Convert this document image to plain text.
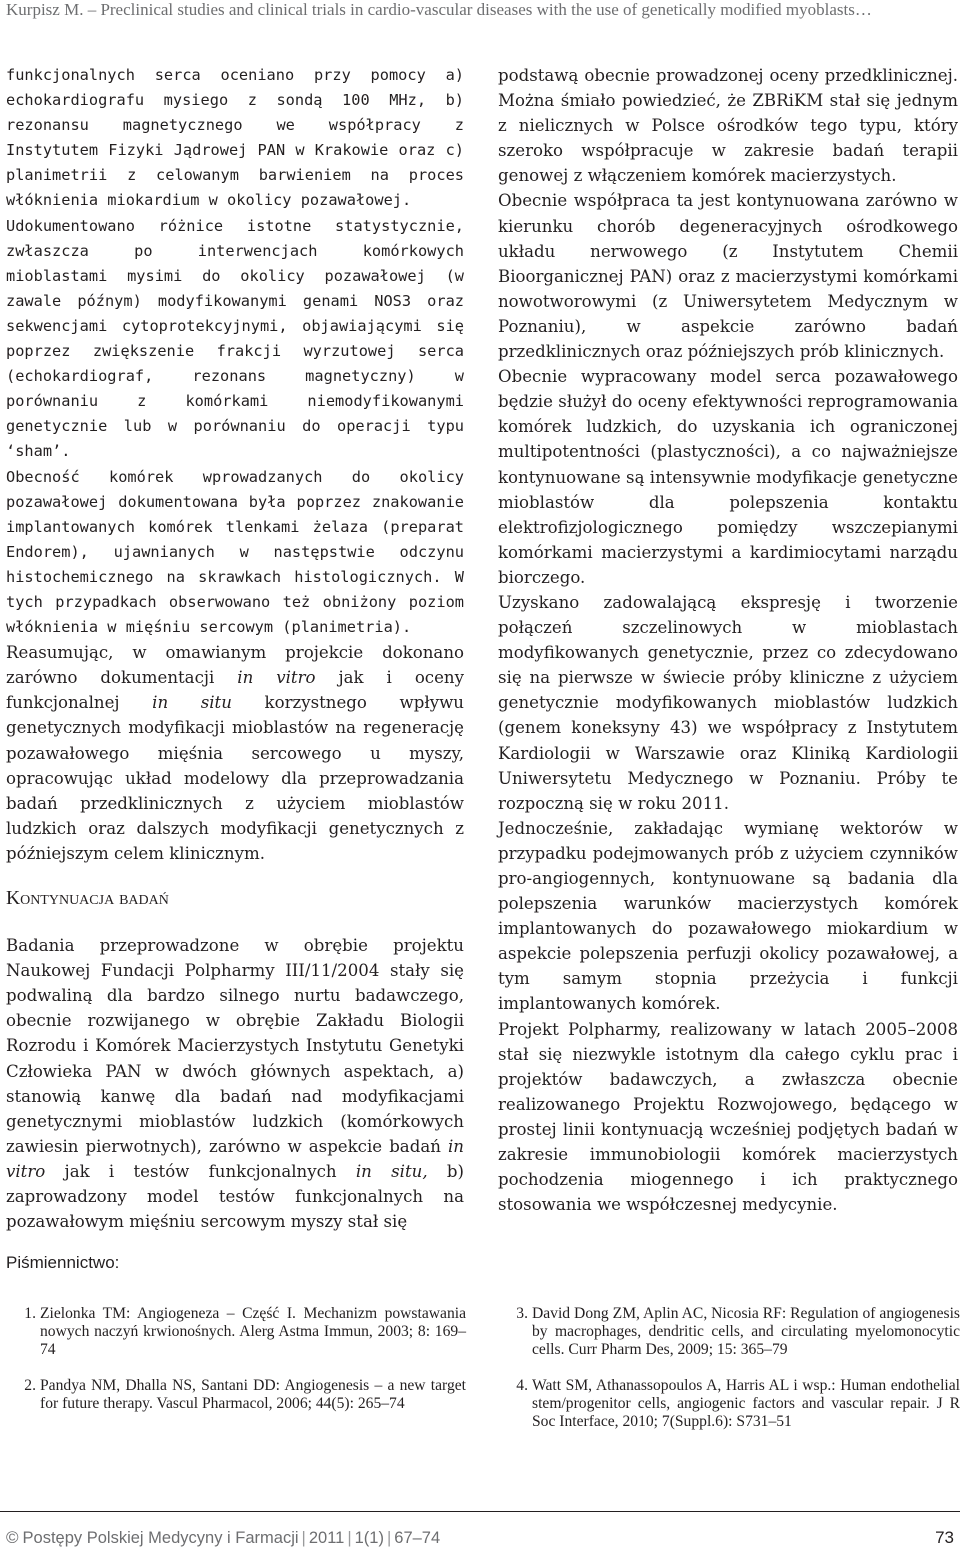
Kurpisz M. – Preclinical studies and clinical trials in cardio-vascular diseases with the use of genetically modified myoblasts…

funkcjonalnych serca oceniano przy pomocy a) echokardiografu mysiego z sondą 100 MHz, b) rezonansu magnetycznego we współpracy z Instytutem Fizyki Jądrowej PAN w Krakowie oraz c) planimetrii z celowanym barwieniem na proces włóknienia miokardium w okolicy pozawałowej.

Udokumentowano różnice istotne statystycznie, zwłaszcza po interwencjach komórkowych mioblastami mysimi do okolicy pozawałowej (w zawale późnym) modyfikowanymi genami NOS3 oraz sekwencjami cytoprotekcyjnymi, objawiającymi się poprzez zwiększenie frakcji wyrzutowej serca (echokardiograf, rezonans magnetyczny) w porównaniu z komórkami niemodyfikowanymi genetycznie lub w porównaniu do operacji typu ‘sham’.

Obecność komórek wprowadzanych do okolicy pozawałowej dokumentowana była poprzez znakowanie implantowanych komórek tlenkami żelaza (preparat Endorem), ujawnianych w następstwie odczynu histochemicznego na skrawkach histologicznych. W tych przypadkach obserwowano też obniżony poziom włóknienia w mięśniu sercowym (planimetria).

Reasumując, w omawianym projekcie dokonano zarówno dokumentacji in vitro jak i oceny funkcjonalnej in situ korzystnego wpływu genetycznych modyfikacji mioblastów na regenerację pozawałowego mięśnia sercowego u myszy, opracowując układ modelowy dla przeprowadzania badań przedklinicznych z użyciem mioblastów ludzkich oraz dalszych modyfikacji genetycznych z późniejszym celem klinicznym.

Kontynuacja badań

Badania przeprowadzone w obrębie projektu Naukowej Fundacji Polpharmy III/11/2004 stały się podwaliną dla bardzo silnego nurtu badawczego, obecnie rozwijanego w obrębie Zakładu Biologii Rozrodu i Komórek Macierzystych Instytutu Genetyki Człowieka PAN w dwóch głównych aspektach, a) stanowią kanwę dla badań nad modyfikacjami genetycznymi mioblastów ludzkich (komórkowych zawiesin pierwotnych), zarówno w aspekcie badań in vitro jak i testów funkcjonalnych in situ, b) zaprowadzony model testów funkcjonalnych na pozawałowym mięśniu sercowym myszy stał się

podstawą obecnie prowadzonej oceny przedklinicznej. Można śmiało powiedzieć, że ZBRiKM stał się jednym z nielicznych w Polsce ośrodków tego typu, który szeroko współpracuje w zakresie badań terapii genowej z włączeniem komórek macierzystych.

Obecnie współpraca ta jest kontynuowana zarówno w kierunku chorób degeneracyjnych ośrodkowego układu nerwowego (z Instytutem Chemii Bioorganicznej PAN) oraz z macierzystymi komórkami nowotworowymi (z Uniwersytetem Medycznym w Poznaniu), w aspekcie zarówno badań przedklinicznych oraz późniejszych prób klinicznych.

Obecnie wypracowany model serca pozawałowego będzie służył do oceny efektywności reprogramowania komórek ludzkich, do uzyskania ich ograniczonej multipotentności (plastyczności), a co najważniejsze kontynuowane są intensywnie modyfikacje genetyczne mioblastów dla polepszenia kontaktu elektrofizjologicznego pomiędzy wszczepianymi komórkami macierzystymi a kardimiocytami narządu biorczego.

Uzyskano zadowalającą ekspresję i tworzenie połączeń szczelinowych w mioblastach modyfikowanych genetycznie, przez co zdecydowano się na pierwsze w świecie próby kliniczne z użyciem genetycznie modyfikowanych mioblastów ludzkich (genem koneksyny 43) we współpracy z Instytutem Kardiologii w Warszawie oraz Kliniką Kardiologii Uniwersytetu Medycznego w Poznaniu. Próby te rozpoczną się w roku 2011.

Jednocześnie, zakładając wymianę wektorów w przypadku podejmowanych prób z użyciem czynników pro-angiogennych, kontynuowane są badania dla polepszenia warunków macierzystych komórek implantowanych do pozawałowego miokardium w aspekcie polepszenia perfuzji okolicy pozawałowej, a tym samym stopnia przeżycia i funkcji implantowanych komórek.

Projekt Polpharmy, realizowany w latach 2005–2008 stał się niezwykle istotnym dla całego cyklu prac i projektów badawczych, a zwłaszcza obecnie realizowanego Projektu Rozwojowego, będącego w prostej linii kontynuacją wcześniej podjętych badań w zakresie immunobiologii komórek macierzystych pochodzenia miogennego i ich praktycznego stosowania we współczesnej medycynie.

Piśmiennictwo:
1. Zielonka TM: Angiogeneza – Część I. Mechanizm powstawania nowych naczyń krwionośnych. Alerg Astma Immun, 2003; 8: 169–74
2. Pandya NM, Dhalla NS, Santani DD: Angiogenesis – a new target for future therapy. Vascul Pharmacol, 2006; 44(5): 265–74
3. David Dong ZM, Aplin AC, Nicosia RF: Regulation of angiogenesis by macrophages, dendritic cells, and circulating myelomonocytic cells. Curr Pharm Des, 2009; 15: 365–79
4. Watt SM, Athanassopoulos A, Harris AL i wsp.: Human endothelial stem/progenitor cells, angiogenic factors and vascular repair. J R Soc Interface, 2010; 7(Suppl.6): S731–51
© Postępy Polskiej Medycyny i Farmacji | 2011 | 1(1) | 67–74	73
